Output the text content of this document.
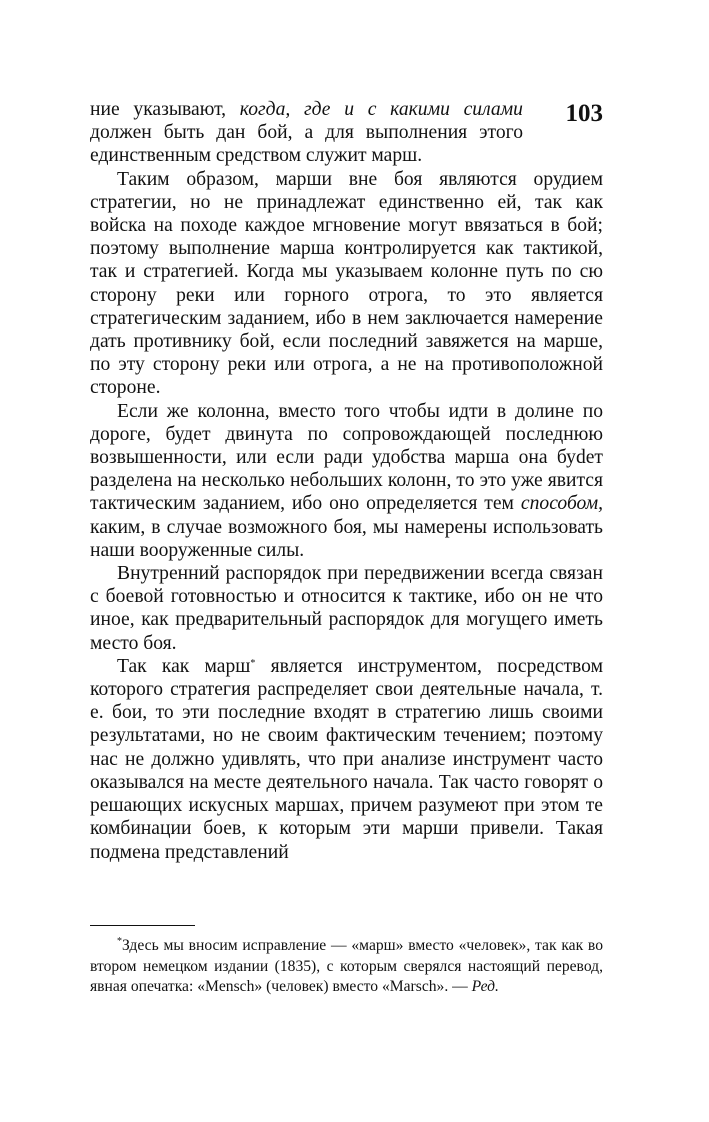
103

ние указывают, когда, где и с какими силами должен быть дан бой, а для выполнения этого единственным средством служит марш.

Таким образом, марши вне боя являются орудием стратегии, но не принадлежат единственно ей, так как войска на походе каждое мгновение могут ввязаться в бой; поэтому выполнение марша контролируется как тактикой, так и стратегией. Когда мы указываем колонне путь по сю сторону реки или горного отрога, то это является стратегическим заданием, ибо в нем заключается намерение дать противнику бой, если последний завяжется на марше, по эту сторону реки или отрога, а не на противоположной стороне.

Если же колонна, вместо того чтобы идти в долине по дороге, будет двинута по сопровождающей последнюю возвышенности, или если ради удобства марша она буdет разделена на несколько небольших колонн, то это уже явится тактическим заданием, ибо оно определяется тем способом, каким, в случае возможного боя, мы намерены использовать наши вооруженные силы.

Внутренний распорядок при передвижении всегда связан с боевой готовностью и относится к тактике, ибо он не что иное, как предварительный распорядок для могущего иметь место боя.

Так как марш* является инструментом, посредством которого стратегия распределяет свои деятельные начала, т. е. бои, то эти последние входят в стратегию лишь своими результатами, но не своим фактическим течением; поэтому нас не должно удивлять, что при анализе инструмент часто оказывался на месте деятельного начала. Так часто говорят о решающих искусных маршах, причем разумеют при этом те комбинации боев, к которым эти марши привели. Такая подмена представлений

*Здесь мы вносим исправление — «марш» вместо «человек», так как во втором немецком издании (1835), с которым сверялся настоящий перевод, явная опечатка: «Mensch» (человек) вместо «Marsch». — Ред.
